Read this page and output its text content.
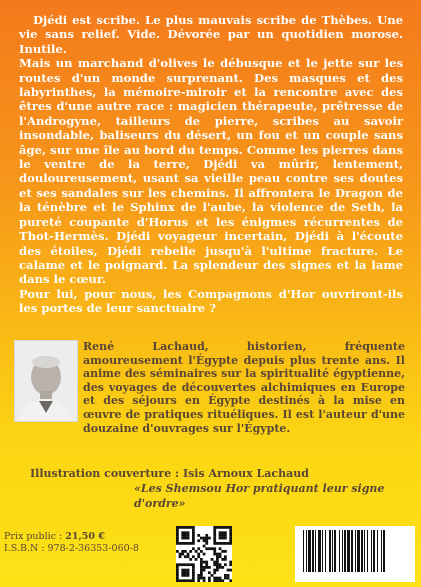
Djédi est scribe. Le plus mauvais scribe de Thèbes. Une vie sans relief. Vide. Dévorée par un quotidien morose. Inutile.

Mais un marchand d'olives le débusque et le jette sur les routes d'un monde surprenant. Des masques et des labyrinthes, la mémoire-miroir et la rencontre avec des êtres d'une autre race : magicien thérapeute, prêtresse de l'Androgyne, tailleurs de pierre, scribes au savoir insondable, baliseurs du désert, un fou et un couple sans âge, sur une île au bord du temps. Comme les pierres dans le ventre de la terre, Djédi va mûrir, lentement, douloureusement, usant sa vieille peau contre ses doutes et ses sandales sur les chemins. Il affrontera le Dragon de la ténèbre et le Sphinx de l'aube, la violence de Seth, la pureté coupante d'Horus et les énigmes récurrentes de Thot-Hermès. Djédi voyageur incertain, Djédi à l'écoute des étoiles, Djédi rebelle jusqu'à l'ultime fracture. Le calame et le poignard. La splendeur des signes et la lame dans le cœur.

Pour lui, pour nous, les Compagnons d'Hor ouvriront-ils les portes de leur sanctuaire ?

René Lachaud, historien, fréquente amoureusement l'Égypte depuis plus trente ans. Il anime des séminaires sur la spiritualité égyptienne, des voyages de découvertes alchimiques en Europe et des séjours en Égypte destinés à la mise en œuvre de pratiques rituéliques. Il est l'auteur d'une douzaine d'ouvrages sur l'Égypte.

Illustration couverture : Isis Arnoux Lachaud

«Les Shemsou Hor pratiquant leur signe d'ordre»

Prix public : 21,50 €
I.S.B.N : 978-2-36353-060-8
